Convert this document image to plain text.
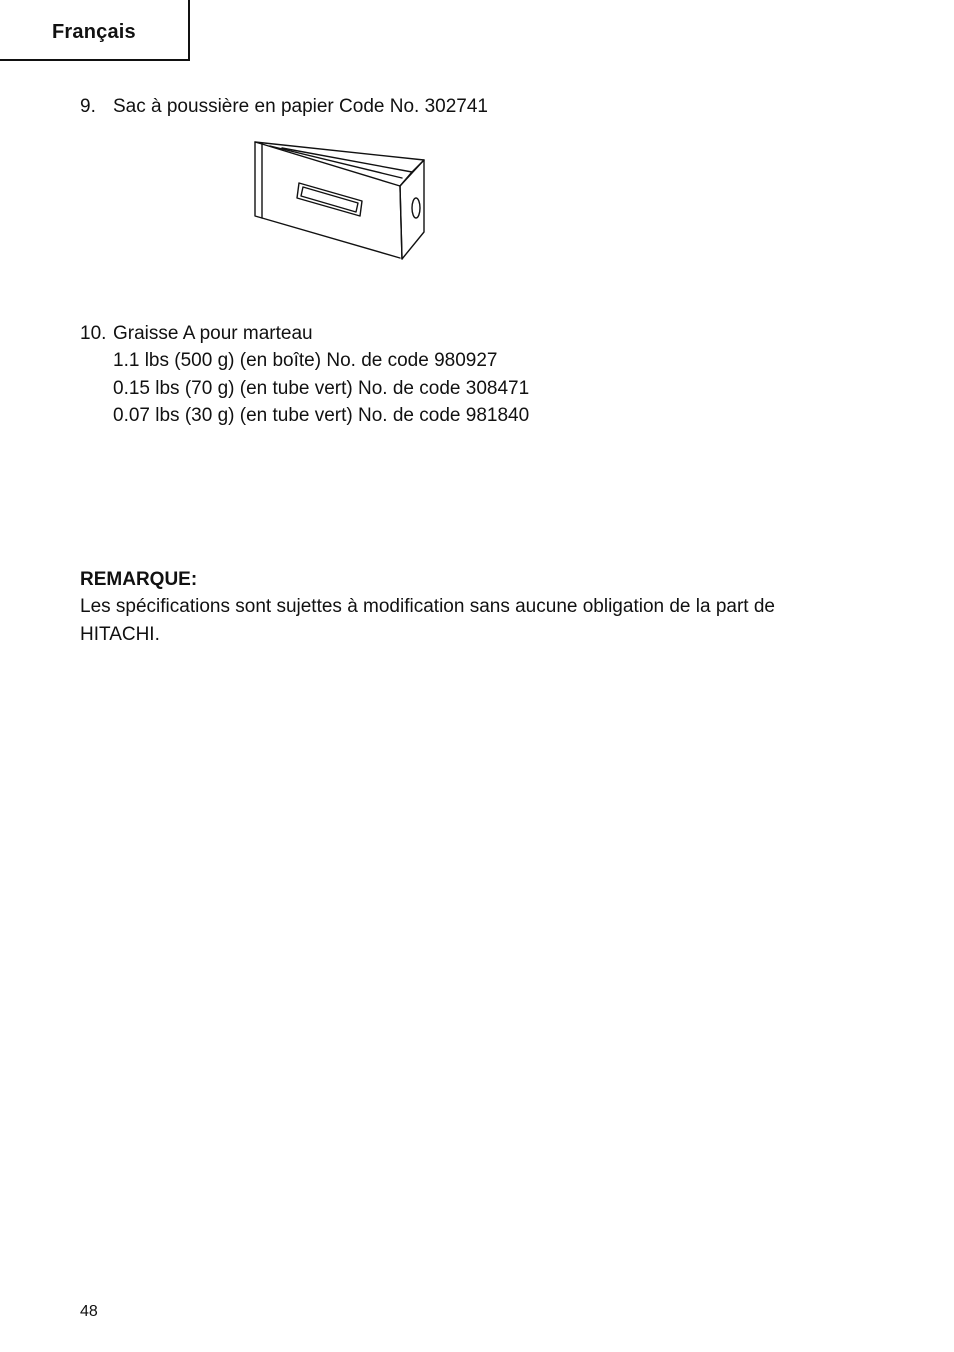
Français
9. Sac à poussière en papier Code No. 302741
10. Graisse A pour marteau
1.1 lbs (500 g) (en boîte) No. de code 980927
0.15 lbs (70 g) (en tube vert) No. de code 308471
0.07 lbs (30 g) (en tube vert) No. de code 981840
REMARQUE:
Les spécifications sont sujettes à modification sans aucune obligation de la part de
HITACHI.
48
